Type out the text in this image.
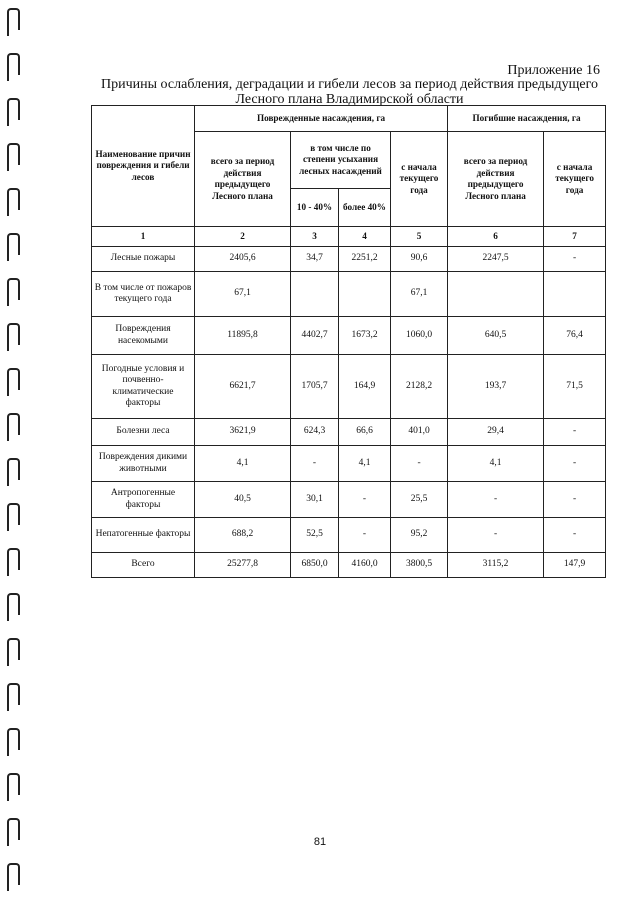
Приложение 16
Причины ослабления, деградации и гибели лесов за период действия предыдущего Лесного плана Владимирской области
Наименование причин повреждения и гибели лесов	Поврежденные насаждения, га				Погибшие насаждения, га	
	всего за период действия предыдущего Лесного плана	в том числе по степени усыхания лесных насаждений		с начала текущего года	всего за период действия предыдущего Лесного плана	с начала текущего года
		10 - 40%	более 40%			
1	2	3	4	5	6	7
Лесные пожары	2405,6	34,7	2251,2	90,6	2247,5	-
В том числе от пожаров текущего года	67,1			67,1		
Повреждения насекомыми	11895,8	4402,7	1673,2	1060,0	640,5	76,4
Погодные условия и почвенно-климатические факторы	6621,7	1705,7	164,9	2128,2	193,7	71,5
Болезни леса	3621,9	624,3	66,6	401,0	29,4	-
Повреждения дикими животными	4,1	-	4,1	-	4,1	-
Антропогенные факторы	40,5	30,1	-	25,5	-	-
Непатогенные факторы	688,2	52,5	-	95,2	-	-
Всего	25277,8	6850,0	4160,0	3800,5	3115,2	147,9
81
